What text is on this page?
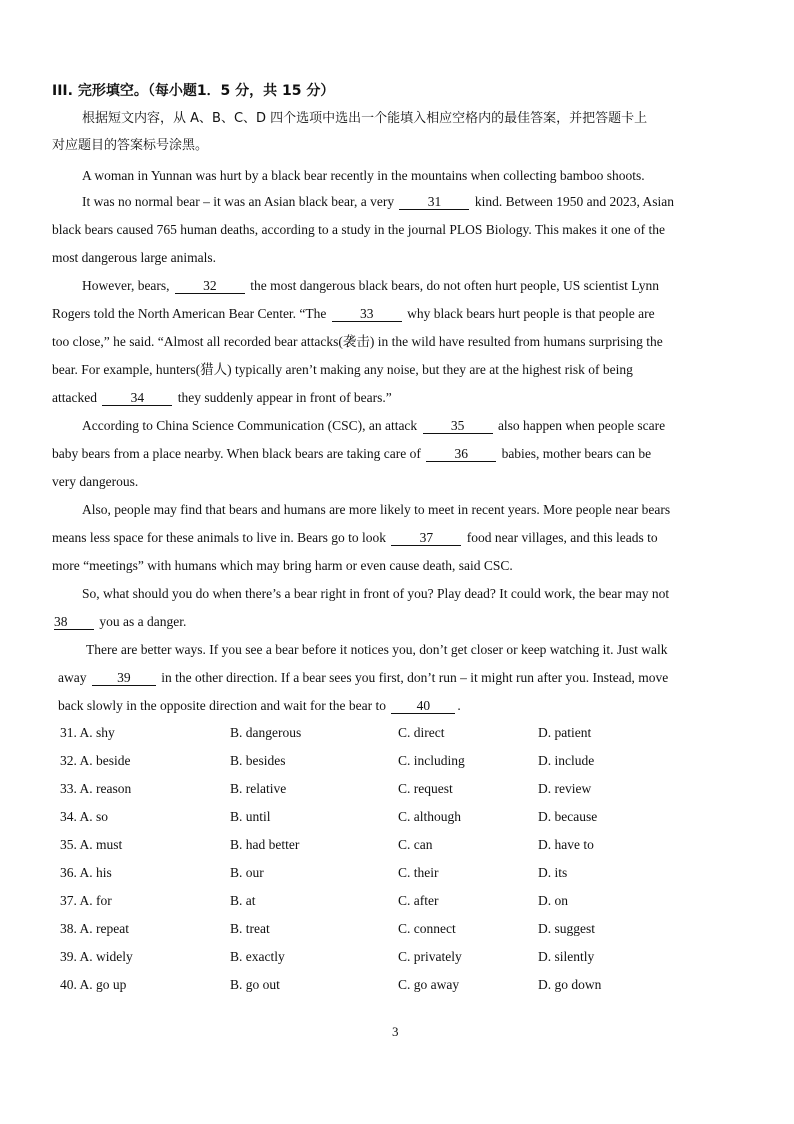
III. 完形填空。（每小题1．5 分，共 15 分）
根据短文内容，从 A、B、C、D 四个选项中选出一个能填入相应空格内的最佳答案，并把答题卡上
对应题目的答案标号涂黑。
A woman in Yunnan was hurt by a black bear recently in the mountains when collecting bamboo shoots.
It was no normal bear – it was an Asian black bear, a very 31 kind. Between 1950 and 2023, Asian
black bears caused 765 human deaths, according to a study in the journal PLOS Biology. This makes it one of the
most dangerous large animals.
However, bears, 32 the most dangerous black bears, do not often hurt people, US scientist Lynn
Rogers told the North American Bear Center. “The 33 why black bears hurt people is that people are
too close,” he said. “Almost all recorded bear attacks(袭击) in the wild have resulted from humans surprising the
bear. For example, hunters(猎人) typically aren’t making any noise, but they are at the highest risk of being
attacked 34 they suddenly appear in front of bears.”
According to China Science Communication (CSC), an attack 35 also happen when people scare
baby bears from a place nearby. When black bears are taking care of 36 babies, mother bears can be
very dangerous.
Also, people may find that bears and humans are more likely to meet in recent years. More people near bears
means less space for these animals to live in. Bears go to look 37 food near villages, and this leads to
more “meetings” with humans which may bring harm or even cause death, said CSC.
So, what should you do when there’s a bear right in front of you? Play dead? It could work, the bear may not
38 you as a danger.
There are better ways. If you see a bear before it notices you, don’t get closer or keep watching it. Just walk
away 39 in the other direction. If a bear sees you first, don’t run – it might run after you. Instead, move
back slowly in the opposite direction and wait for the bear to 40 .
31. A. shy	B. dangerous	C. direct	D. patient
32. A. beside	B. besides	C. including	D. include
33. A. reason	B. relative	C. request	D. review
34. A. so	B. until	C. although	D. because
35. A. must	B. had better	C. can	D. have to
36. A. his	B. our	C. their	D. its
37. A. for	B. at	C. after	D. on
38. A. repeat	B. treat	C. connect	D. suggest
39. A. widely	B. exactly	C. privately	D. silently
40. A. go up	B. go out	C. go away	D. go down
3
